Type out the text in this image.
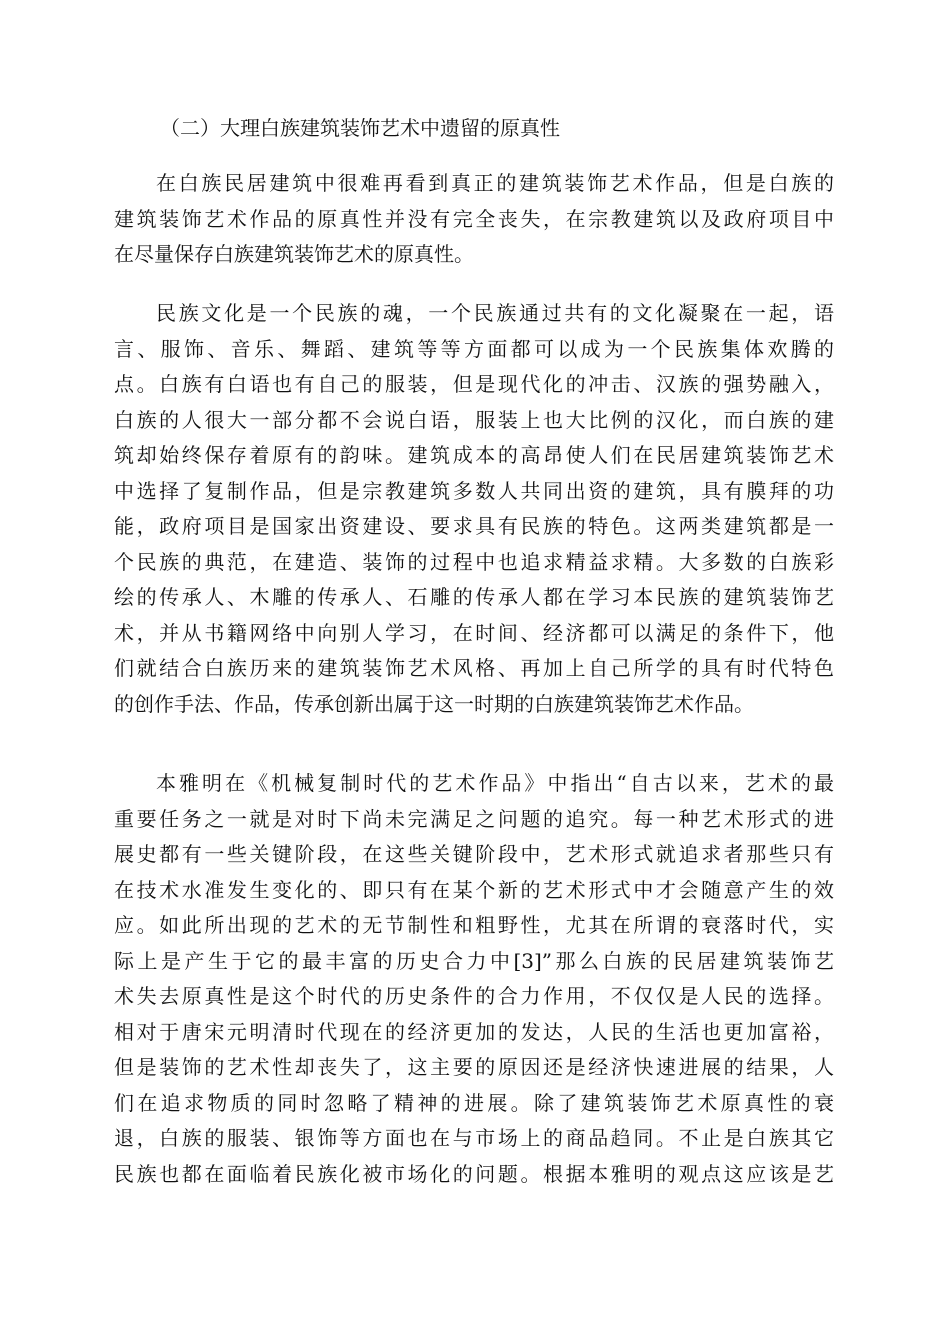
（二）大理白族建筑装饰艺术中遗留的原真性
在白族民居建筑中很难再看到真正的建筑装饰艺术作品，但是白族的
建筑装饰艺术作品的原真性并没有完全丧失，在宗教建筑以及政府项目中
在尽量保存白族建筑装饰艺术的原真性。
民族文化是一个民族的魂，一个民族通过共有的文化凝聚在一起，语
言、服饰、音乐、舞蹈、建筑等等方面都可以成为一个民族集体欢腾的
点。白族有白语也有自己的服装，但是现代化的冲击、汉族的强势融入，
白族的人很大一部分都不会说白语，服装上也大比例的汉化，而白族的建
筑却始终保存着原有的韵味。建筑成本的高昂使人们在民居建筑装饰艺术
中选择了复制作品，但是宗教建筑多数人共同出资的建筑，具有膜拜的功
能，政府项目是国家出资建设、要求具有民族的特色。这两类建筑都是一
个民族的典范，在建造、装饰的过程中也追求精益求精。大多数的白族彩
绘的传承人、木雕的传承人、石雕的传承人都在学习本民族的建筑装饰艺
术，并从书籍网络中向别人学习，在时间、经济都可以满足的条件下，他
们就结合白族历来的建筑装饰艺术风格、再加上自己所学的具有时代特色
的创作手法、作品，传承创新出属于这一时期的白族建筑装饰艺术作品。
本雅明在《机械复制时代的艺术作品》中指出“自古以来，艺术的最
重要任务之一就是对时下尚未完满足之问题的追究。每一种艺术形式的进
展史都有一些关键阶段，在这些关键阶段中，艺术形式就追求者那些只有
在技术水准发生变化的、即只有在某个新的艺术形式中才会随意产生的效
应。如此所出现的艺术的无节制性和粗野性，尤其在所谓的衰落时代，实
际上是产生于它的最丰富的历史合力中[3]”那么白族的民居建筑装饰艺
术失去原真性是这个时代的历史条件的合力作用，不仅仅是人民的选择。
相对于唐宋元明清时代现在的经济更加的发达，人民的生活也更加富裕，
但是装饰的艺术性却丧失了，这主要的原因还是经济快速进展的结果，人
们在追求物质的同时忽略了精神的进展。除了建筑装饰艺术原真性的衰
退，白族的服装、银饰等方面也在与市场上的商品趋同。不止是白族其它
民族也都在面临着民族化被市场化的问题。根据本雅明的观点这应该是艺
